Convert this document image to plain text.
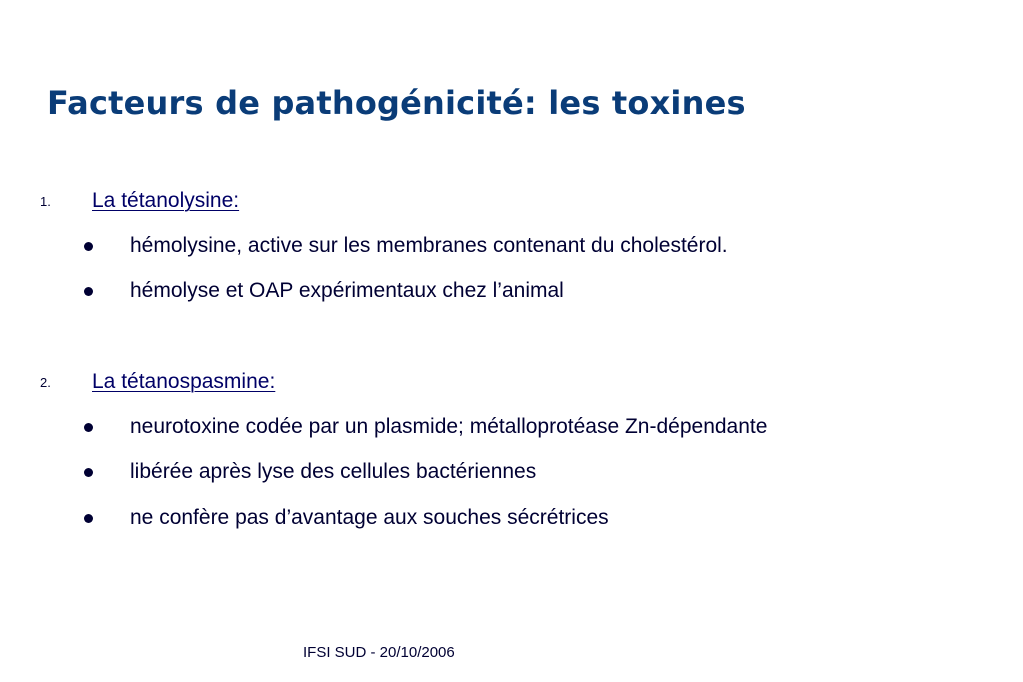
Facteurs de pathogénicité: les toxines
1. La tétanolysine:
hémolysine, active sur les membranes contenant du cholestérol.
hémolyse et OAP expérimentaux chez l’animal
2. La tétanospasmine:
neurotoxine codée par un plasmide; métalloprotéase Zn-dépendante
libérée après lyse des cellules bactériennes
ne confère pas d’avantage aux souches sécrétrices
IFSI SUD - 20/10/2006
